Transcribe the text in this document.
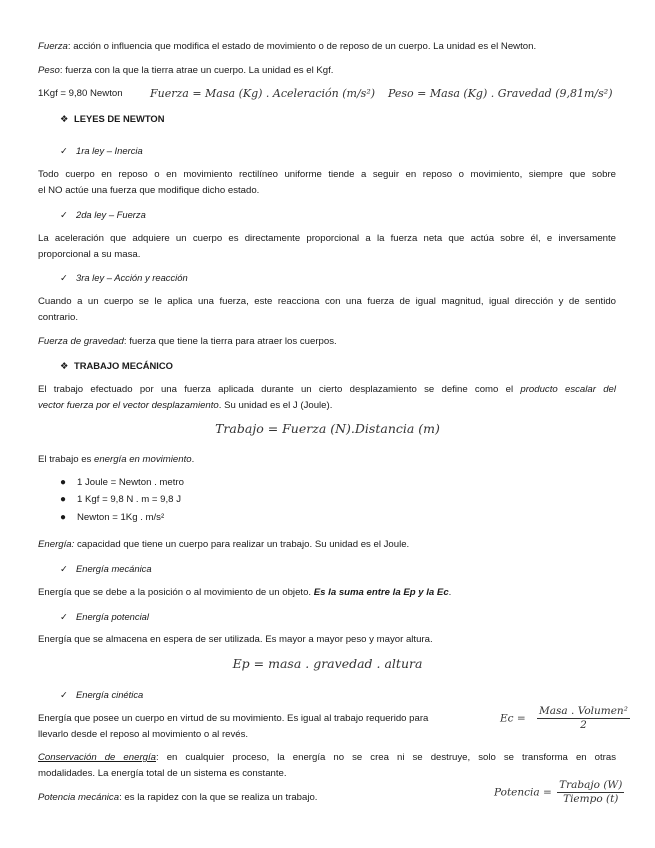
Fuerza: acción o influencia que modifica el estado de movimiento o de reposo de un cuerpo. La unidad es el Newton.
Peso: fuerza con la que la tierra atrae un cuerpo. La unidad es el Kgf.
1Kgf = 9,80 Newton Fuerza = Masa (Kg) . Aceleración (m/s²) Peso = Masa (Kg) . Gravedad (9,81m/s²)
❖ LEYES DE NEWTON
✓ 1ra ley – Inercia
Todo cuerpo en reposo o en movimiento rectilíneo uniforme tiende a seguir en reposo o movimiento, siempre que sobre
el NO actúe una fuerza que modifique dicho estado.
✓ 2da ley – Fuerza
La aceleración que adquiere un cuerpo es directamente proporcional a la fuerza neta que actúa sobre él, e inversamente
proporcional a su masa.
✓ 3ra ley – Acción y reacción
Cuando a un cuerpo se le aplica una fuerza, este reacciona con una fuerza de igual magnitud, igual dirección y de sentido
contrario.
Fuerza de gravedad: fuerza que tiene la tierra para atraer los cuerpos.
❖ TRABAJO MECÁNICO
El trabajo efectuado por una fuerza aplicada durante un cierto desplazamiento se define como el producto escalar del
vector fuerza por el vector desplazamiento. Su unidad es el J (Joule).
Trabajo = Fuerza (N).Distancia (m)
El trabajo es energía en movimiento.
● 1 Joule = Newton . metro
● 1 Kgf = 9,8 N . m = 9,8 J
● Newton = 1Kg . m/s²
Energía: capacidad que tiene un cuerpo para realizar un trabajo. Su unidad es el Joule.
✓ Energía mecánica
Energía que se debe a la posición o al movimiento de un objeto. Es la suma entre la Ep y la Ec.
✓ Energía potencial
Energía que se almacena en espera de ser utilizada. Es mayor a mayor peso y mayor altura.
Ep = masa . gravedad . altura
✓ Energía cinética
Energía que posee un cuerpo en virtud de su movimiento. Es igual al trabajo requerido para
llevarlo desde el reposo al movimiento o al revés.
$Ec = \frac{\text{Masa . Volumen²}}{2}$
Conservación de energía: en cualquier proceso, la energía no se crea ni se destruye, solo se transforma en otras
modalidades. La energía total de un sistema es constante.
Potencia mecánica: es la rapidez con la que se realiza un trabajo.	Potencia = $\frac{\text{Trabajo (W)}}{\text{Tiempo (t)}}$
